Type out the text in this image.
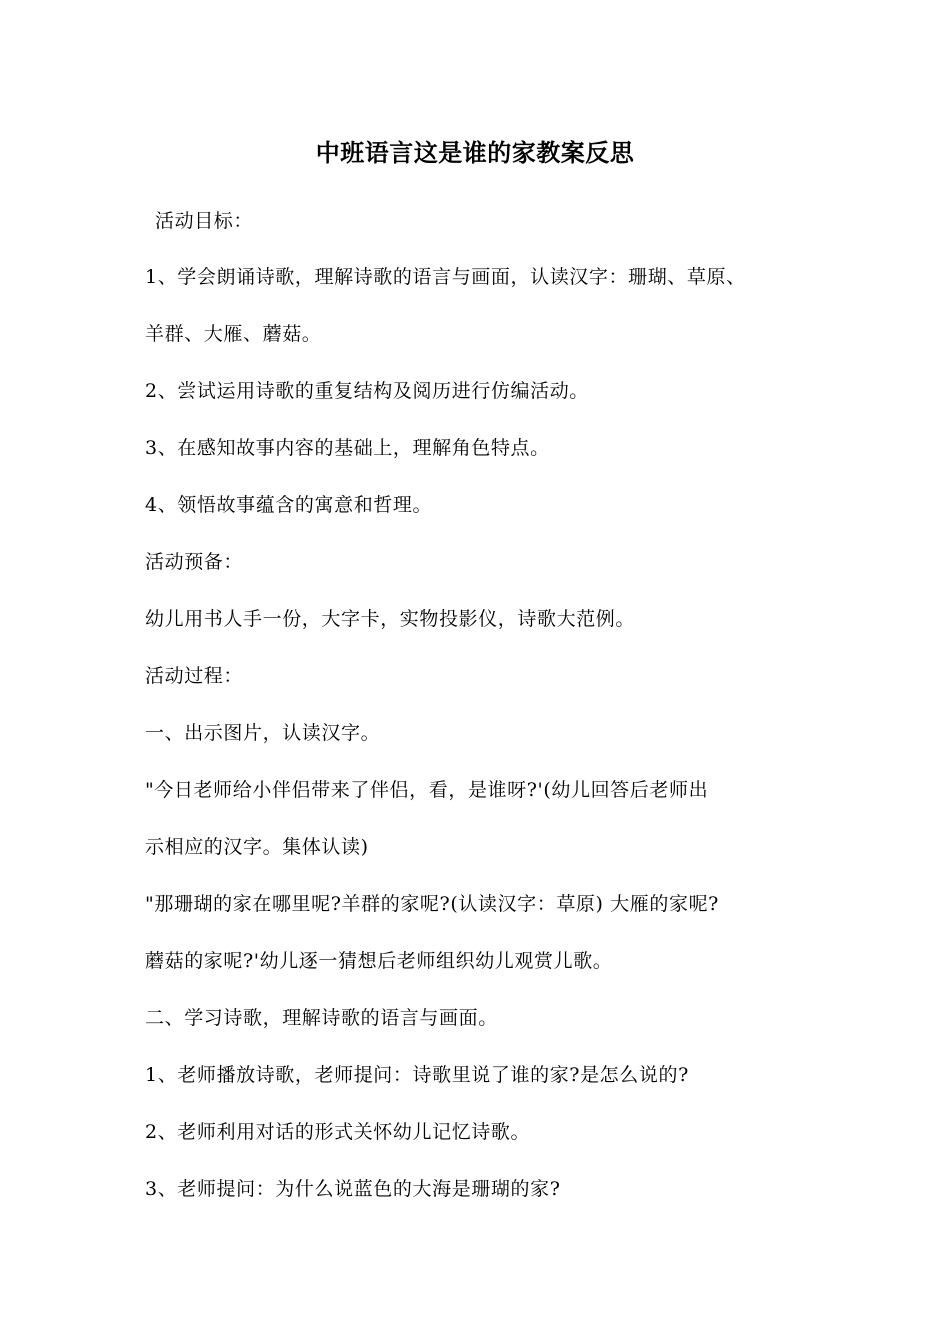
中班语言这是谁的家教案反思
活动目标：
1、学会朗诵诗歌，理解诗歌的语言与画面，认读汉字：珊瑚、草原、
羊群、大雁、蘑菇。
2、尝试运用诗歌的重复结构及阅历进行仿编活动。
3、在感知故事内容的基础上，理解角色特点。
4、领悟故事蕴含的寓意和哲理。
活动预备：
幼儿用书人手一份，大字卡，实物投影仪，诗歌大范例。
活动过程：
一、出示图片，认读汉字。
"今日老师给小伴侣带来了伴侣，看，是谁呀?'(幼儿回答后老师出
示相应的汉字。集体认读)
"那珊瑚的家在哪里呢?羊群的家呢?(认读汉字：草原) 大雁的家呢?
蘑菇的家呢?'幼儿逐一猜想后老师组织幼儿观赏儿歌。
二、学习诗歌，理解诗歌的语言与画面。
1、老师播放诗歌，老师提问：诗歌里说了谁的家?是怎么说的?
2、老师利用对话的形式关怀幼儿记忆诗歌。
3、老师提问：为什么说蓝色的大海是珊瑚的家?
